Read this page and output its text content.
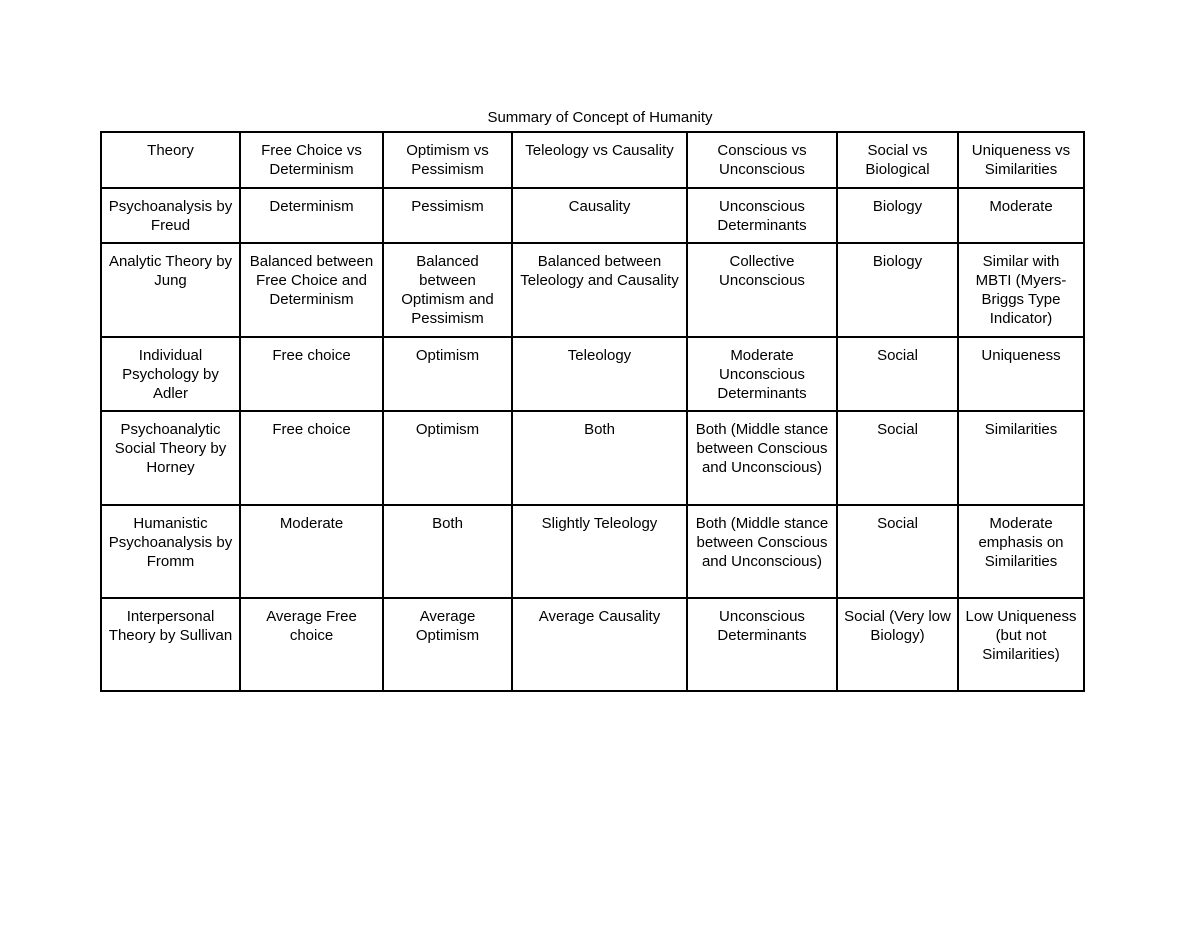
Summary of Concept of Humanity
Theory	Free Choice vs Determinism	Optimism vs Pessimism	Teleology vs Causality	Conscious vs Unconscious	Social vs Biological	Uniqueness vs Similarities
Psychoanalysis by Freud	Determinism	Pessimism	Causality	Unconscious Determinants	Biology	Moderate
Analytic Theory by Jung	Balanced between Free Choice and Determinism	Balanced between Optimism and Pessimism	Balanced between Teleology and Causality	Collective Unconscious	Biology	Similar with MBTI (Myers-Briggs Type Indicator)
Individual Psychology by Adler	Free choice	Optimism	Teleology	Moderate Unconscious Determinants	Social	Uniqueness
Psychoanalytic Social Theory by Horney	Free choice	Optimism	Both	Both (Middle stance between Conscious and Unconscious)	Social	Similarities
Humanistic Psychoanalysis by Fromm	Moderate	Both	Slightly Teleology	Both (Middle stance between Conscious and Unconscious)	Social	Moderate emphasis on Similarities
Interpersonal Theory by Sullivan	Average Free choice	Average Optimism	Average Causality	Unconscious Determinants	Social (Very low Biology)	Low Uniqueness (but not Similarities)
